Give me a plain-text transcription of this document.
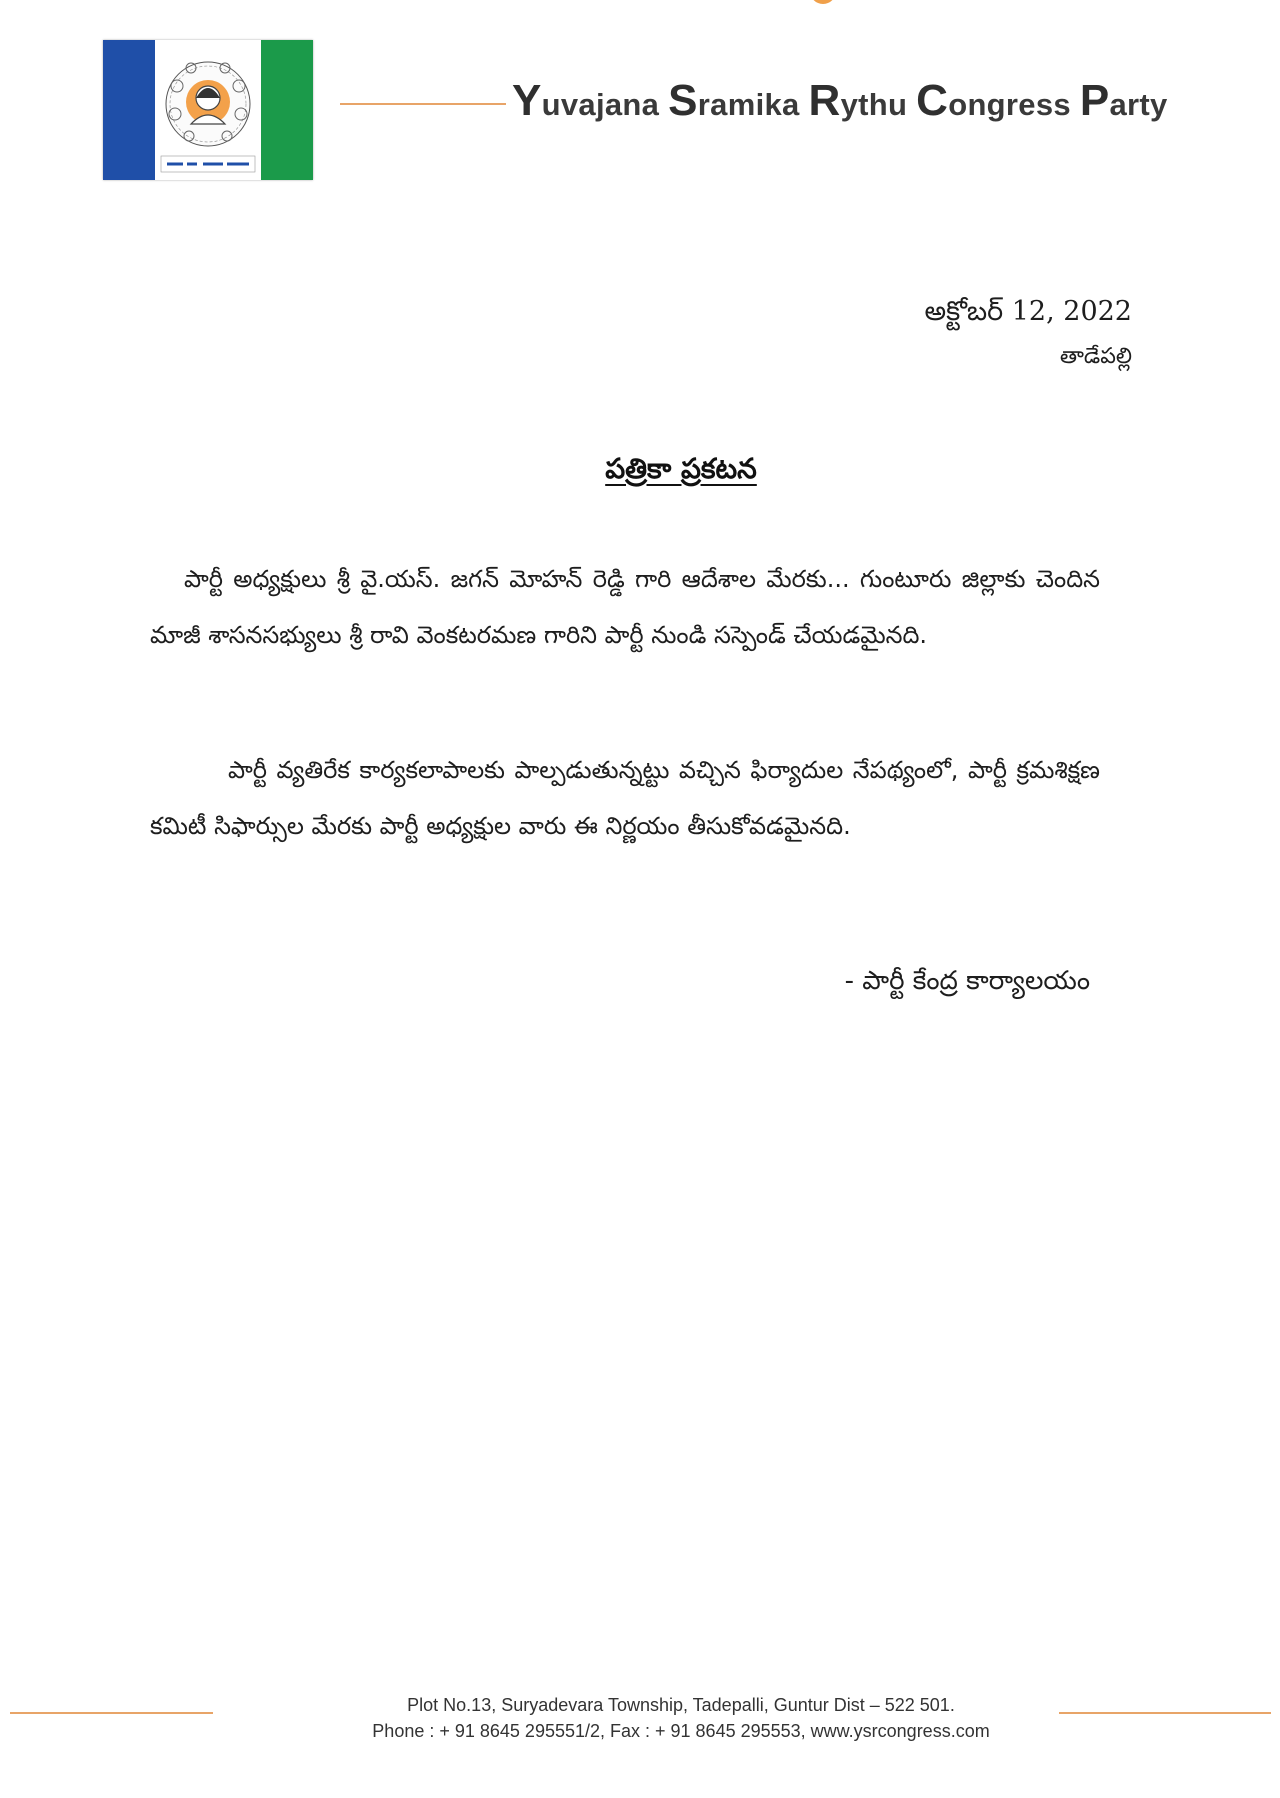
Yuvajana Sramika Rythu Congress Party
అక్టోబర్ 12, 2022
తాడేపల్లి
పత్రికా ప్రకటన

పార్టీ అధ్యక్షులు శ్రీ వై.యస్. జగన్ మోహన్ రెడ్డి గారి ఆదేశాల మేరకు... గుంటూరు జిల్లాకు చెందిన మాజీ శాసనసభ్యులు శ్రీ రావి వెంకటరమణ గారిని పార్టీ నుండి సస్పెండ్ చేయడమైనది.

పార్టీ వ్యతిరేక కార్యకలాపాలకు పాల్పడుతున్నట్టు వచ్చిన ఫిర్యాదుల నేపథ్యంలో, పార్టీ క్రమశిక్షణ కమిటీ సిఫార్సుల మేరకు పార్టీ అధ్యక్షుల వారు ఈ నిర్ణయం తీసుకోవడమైనది.

- పార్టీ కేంద్ర కార్యాలయం
Plot No.13, Suryadevara Township, Tadepalli, Guntur Dist – 522 501.
Phone : + 91 8645 295551/2, Fax : + 91 8645 295553, www.ysrcongress.com
